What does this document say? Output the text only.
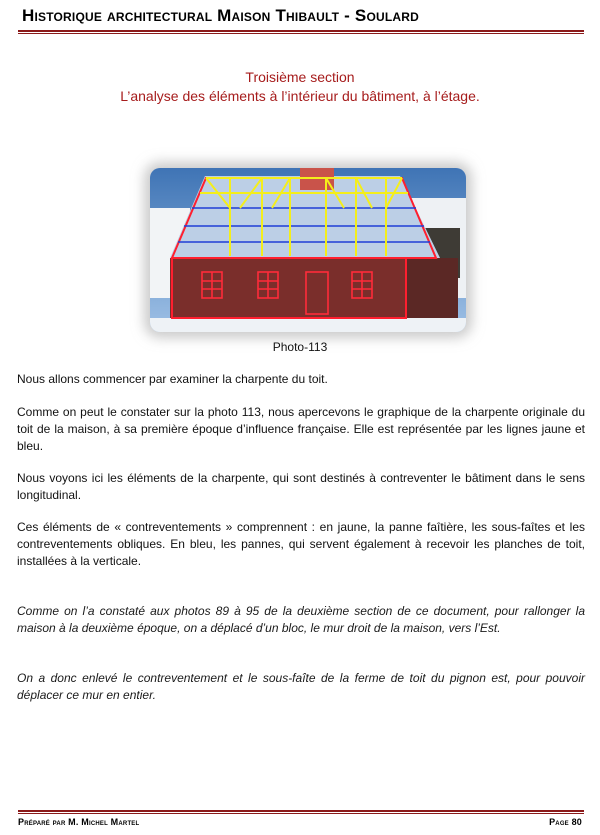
Historique architectural Maison Thibault - Soulard
Troisième section
L’analyse des éléments à l’intérieur du bâtiment, à l’étage.
Photo-113
Nous allons commencer par examiner la charpente du toit.
Comme on peut le constater sur la photo 113, nous apercevons le graphique de la charpente originale du toit de la maison, à sa première époque d’influence française. Elle est représentée par les lignes jaune et bleu.
Nous voyons ici les éléments de la charpente, qui sont destinés à contreventer le bâtiment dans le sens longitudinal.
Ces éléments de « contreventements » comprennent : en jaune, la panne faîtière, les sous-faîtes et les contreventements obliques. En bleu, les pannes, qui servent également à recevoir les planches de toit, installées à la verticale.
Comme on l’a constaté aux photos 89 à 95 de la deuxième section de ce document, pour rallonger la maison à la deuxième époque, on a déplacé d’un bloc, le mur droit de la maison, vers l’Est.
On a donc enlevé le contreventement et le sous-faîte de la ferme de toit du pignon est, pour pouvoir déplacer ce mur en entier.
Préparé par M. Michel Martel	Page 80
